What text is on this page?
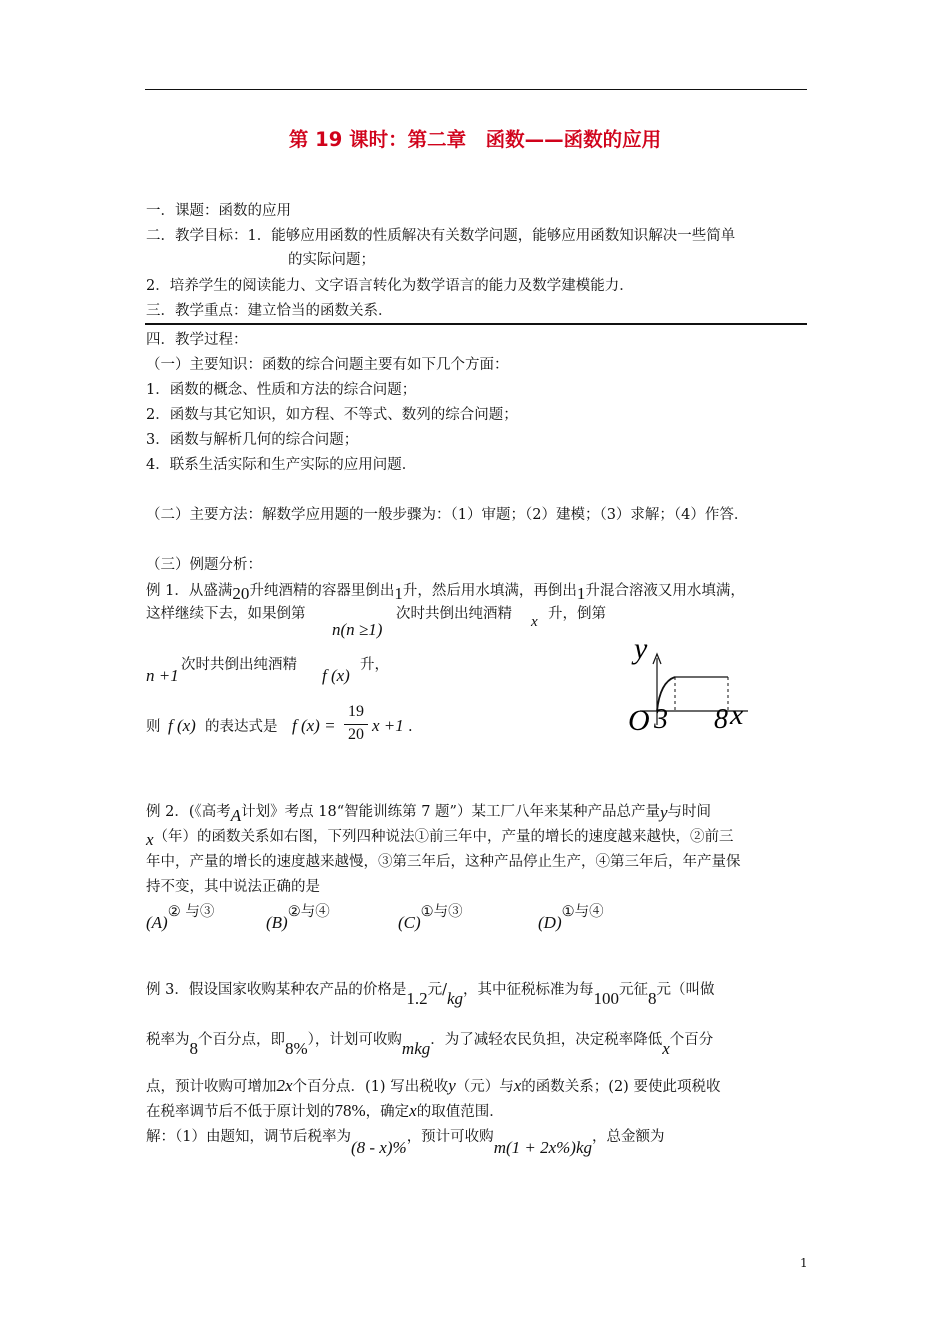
第 19 课时：第二章　函数——函数的应用
一．课题：函数的应用
二．教学目标：1．能够应用函数的性质解决有关数学问题，能够应用函数知识解决一些简单
的实际问题；
2．培养学生的阅读能力、文字语言转化为数学语言的能力及数学建模能力．
三．教学重点：建立恰当的函数关系．
四．教学过程：
（一）主要知识：函数的综合问题主要有如下几个方面：
1．函数的概念、性质和方法的综合问题；
2．函数与其它知识，如方程、不等式、数列的综合问题；
3．函数与解析几何的综合问题；
4．联系生活实际和生产实际的应用问题．
（二）主要方法：解数学应用题的一般步骤为：（1）审题；（2）建模；（3）求解；（4）作答．
（三）例题分析：
例 1．从盛满20升纯酒精的容器里倒出1升，然后用水填满，再倒出1升混合溶液又用水填满，
这样继续下去，如果倒第
n(n ≥1)
次时共倒出纯酒精 x 升，倒第
n +1
次时共倒出纯酒精
f (x)
升，
则 f (x) 的表达式是 f (x) =
19
20 x +1 .
y
O 3 8 x
例 2．(《高考A计划》考点 18“智能训练第 7 题”）某工厂八年来某种产品总产量y与时间
x（年）的函数关系如右图，下列四种说法①前三年中，产量的增长的速度越来越快，②前三
年中，产量的增长的速度越来越慢，③第三年后，这种产品停止生产，④第三年后，年产量保
持不变，其中说法正确的是
(A)② 与③
(B)②与④
(C)①与③
(D)①与④
例 3．假设国家收购某种农产品的价格是1.2元/kg，其中征税标准为每100元征8元（叫做
税率为8个百分点，即8%），计划可收购mkg．为了减轻农民负担，决定税率降低x个百分
点，预计收购可增加2x个百分点．(1) 写出税收y（元）与x的函数关系；(2) 要使此项税收
在税率调节后不低于原计划的78%，确定x的取值范围．
解：（1）由题知，调节后税率为(8 - x)%，预计可收购m(1 + 2x%)kg，总金额为
1
